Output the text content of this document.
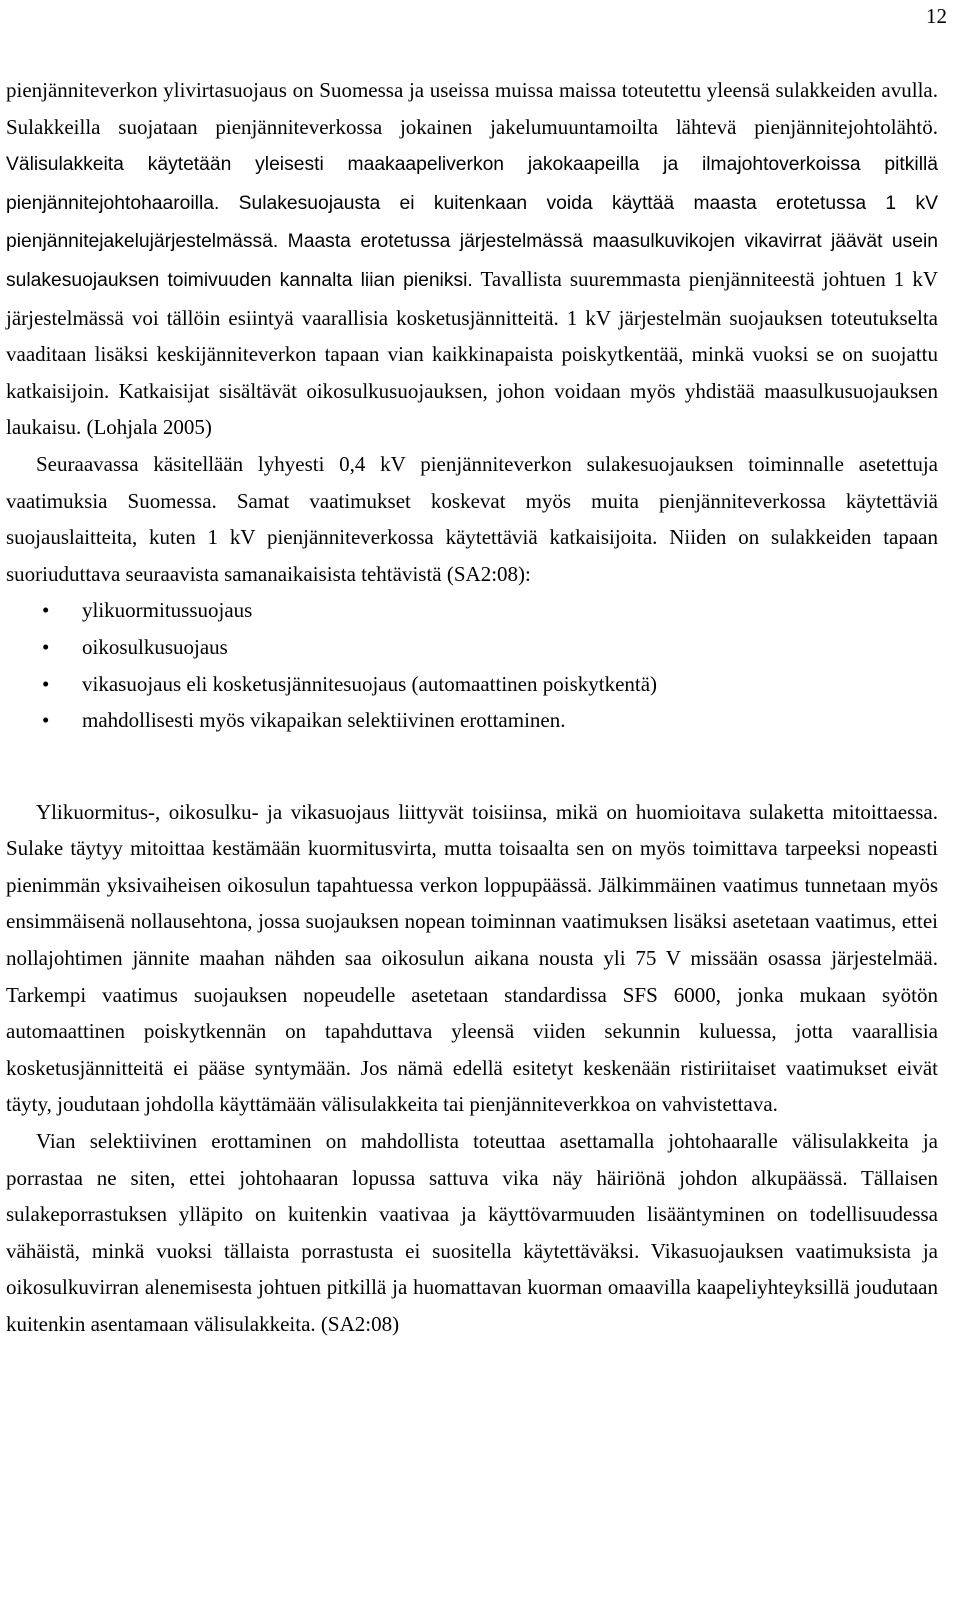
12

pienjänniteverkon ylivirtasuojaus on Suomessa ja useissa muissa maissa toteutettu yleensä sulakkeiden avulla. Sulakkeilla suojataan pienjänniteverkossa jokainen jakelumuuntamoilta lähtevä pienjännitejohtolähtö. Välisulakkeita käytetään yleisesti maakaapeliverkon jakokaapeilla ja ilmajohtoverkoissa pitkillä pienjännitejohtohaaroilla. Sulakesuojausta ei kuitenkaan voida käyttää maasta erotetussa 1 kV pienjännitejakelujärjestelmässä. Maasta erotetussa järjestelmässä maasulkuvikojen vikavirrat jäävät usein sulakesuojauksen toimivuuden kannalta liian pieniksi. Tavallista suuremmasta pienjänniteestä johtuen 1 kV järjestelmässä voi tällöin esiintyä vaarallisia kosketusjännitteitä. 1 kV järjestelmän suojauksen toteutukselta vaaditaan lisäksi keskijänniteverkon tapaan vian kaikkinapaista poiskytkentää, minkä vuoksi se on suojattu katkaisijoin. Katkaisijat sisältävät oikosulkusuojauksen, johon voidaan myös yhdistää maasulkusuojauksen laukaisu. (Lohjala 2005)

Seuraavassa käsitellään lyhyesti 0,4 kV pienjänniteverkon sulakesuojauksen toiminnalle asetettuja vaatimuksia Suomessa. Samat vaatimukset koskevat myös muita pienjänniteverkossa käytettäviä suojauslaitteita, kuten 1 kV pienjänniteverkossa käytettäviä katkaisijoita. Niiden on sulakkeiden tapaan suoriuduttava seuraavista samanaikaisista tehtävistä (SA2:08):

• ylikuormitussuojaus
• oikosulkusuojaus
• vikasuojaus eli kosketusjännitesuojaus (automaattinen poiskytkentä)
• mahdollisesti myös vikapaikan selektiivinen erottaminen.

Ylikuormitus-, oikosulku- ja vikasuojaus liittyvät toisiinsa, mikä on huomioitava sulaketta mitoittaessa. Sulake täytyy mitoittaa kestämään kuormitusvirta, mutta toisaalta sen on myös toimittava tarpeeksi nopeasti pienimmän yksivaiheisen oikosulun tapahtuessa verkon loppupäässä. Jälkimmäinen vaatimus tunnetaan myös ensimmäisenä nollausehtona, jossa suojauksen nopean toiminnan vaatimuksen lisäksi asetetaan vaatimus, ettei nollajohtimen jännite maahan nähden saa oikosulun aikana nousta yli 75 V missään osassa järjestelmää. Tarkempi vaatimus suojauksen nopeudelle asetetaan standardissa SFS 6000, jonka mukaan syötön automaattinen poiskytkennän on tapahduttava yleensä viiden sekunnin kuluessa, jotta vaarallisia kosketusjännitteitä ei pääse syntymään. Jos nämä edellä esitetyt keskenään ristiriitaiset vaatimukset eivät täyty, joudutaan johdolla käyttämään välisulakkeita tai pienjänniteverkkoa on vahvistettava.

Vian selektiivinen erottaminen on mahdollista toteuttaa asettamalla johtohaaralle välisulakkeita ja porrastaa ne siten, ettei johtohaaran lopussa sattuva vika näy häiriönä johdon alkupäässä. Tällaisen sulakeporrastuksen ylläpito on kuitenkin vaativaa ja käyttövarmuuden lisääntyminen on todellisuudessa vähäistä, minkä vuoksi tällaista porrastusta ei suositella käytettäväksi. Vikasuojauksen vaatimuksista ja oikosulkuvirran alenemisesta johtuen pitkillä ja huomattavan kuorman omaavilla kaapeliyhteyksillä joudutaan kuitenkin asentamaan välisulakkeita. (SA2:08)
